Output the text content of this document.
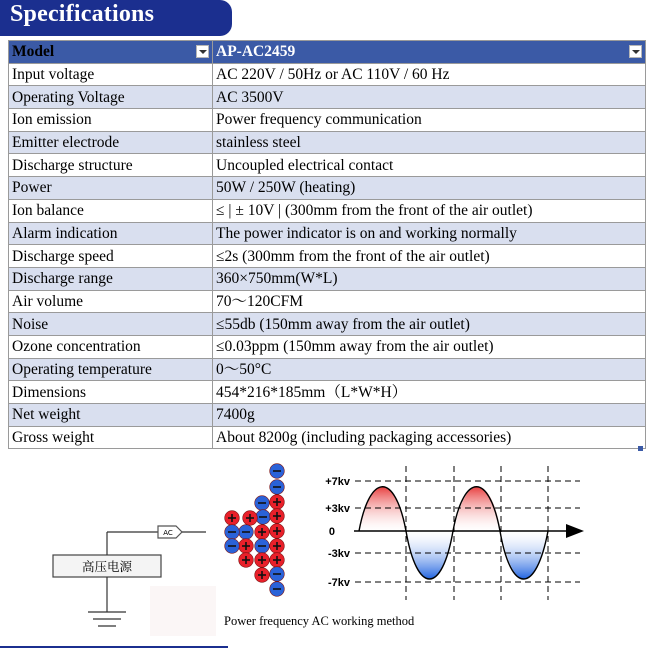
Specifications
Model	AP-AC2459

Input voltage	AC 220V / 50Hz or AC 110V / 60 Hz
Operating Voltage	AC 3500V
Ion emission	Power frequency communication
Emitter electrode	stainless steel
Discharge structure	Uncoupled electrical contact
Power	50W / 250W (heating)
Ion balance	≤ | ± 10V | (300mm from the front of the air outlet)
Alarm indication	The power indicator is on and working normally
Discharge speed	≤2s (300mm from the front of the air outlet)
Discharge range	360×750mm(W*L)
Air volume	70～120CFM
Noise	≤55db (150mm away from the air outlet)
Ozone concentration	≤0.03ppm (150mm away from the air outlet)
Operating temperature	0～50°C
Dimensions	454*216*185mm（L*W*H）
Net weight	7400g
Gross weight	About 8200g (including packaging accessories)
高压电源
AC
+7kv
+3kv
0
-3kv
-7kv
Power frequency AC working method
